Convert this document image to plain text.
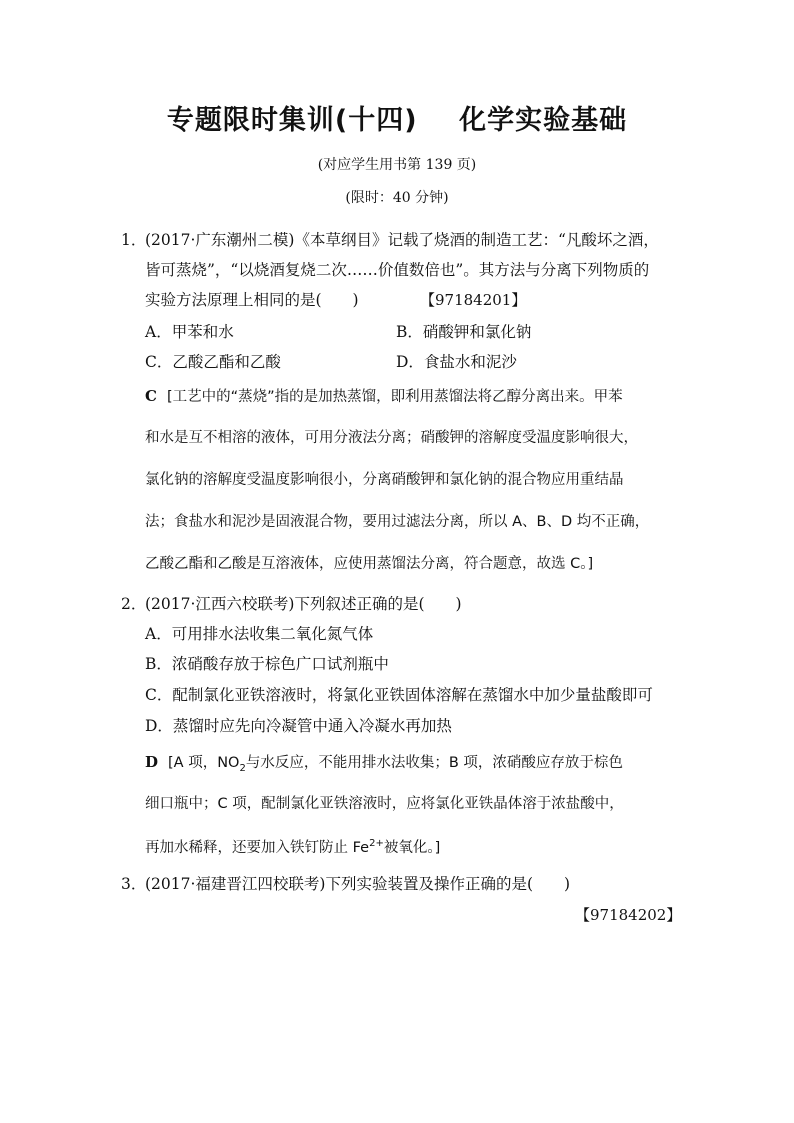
专题限时集训(十四)    化学实验基础
(对应学生用书第 139 页)
(限时：40 分钟)
1．
(2017·广东潮州二模)《本草纲目》记载了烧酒的制造工艺：“凡酸坏之酒，
皆可蒸烧”，“以烧酒复烧二次……价值数倍也”。其方法与分离下列物质的
实验方法原理上相同的是(　　)	【97184201】
A．甲苯和水	B．硝酸钾和氯化钠
C．乙酸乙酯和乙酸	D．食盐水和泥沙
C [工艺中的“蒸烧”指的是加热蒸馏，即利用蒸馏法将乙醇分离出来。甲苯
和水是互不相溶的液体，可用分液法分离；硝酸钾的溶解度受温度影响很大，
氯化钠的溶解度受温度影响很小，分离硝酸钾和氯化钠的混合物应用重结晶
法；食盐水和泥沙是固液混合物，要用过滤法分离，所以 A、B、D 均不正确，
乙酸乙酯和乙酸是互溶液体，应使用蒸馏法分离，符合题意，故选 C。]
2．
(2017·江西六校联考)下列叙述正确的是(　　)
A．可用排水法收集二氧化氮气体
B．浓硝酸存放于棕色广口试剂瓶中
C．配制氯化亚铁溶液时，将氯化亚铁固体溶解在蒸馏水中加少量盐酸即可
D．蒸馏时应先向冷凝管中通入冷凝水再加热
D [A 项，$NO_2$与水反应，不能用排水法收集；B 项，浓硝酸应存放于棕色
细口瓶中；C 项，配制氯化亚铁溶液时，应将氯化亚铁晶体溶于浓盐酸中，
再加水稀释，还要加入铁钉防止 $Fe^{2+}$被氧化。]
3．
(2017·福建晋江四校联考)下列实验装置及操作正确的是(　　)
【97184202】
